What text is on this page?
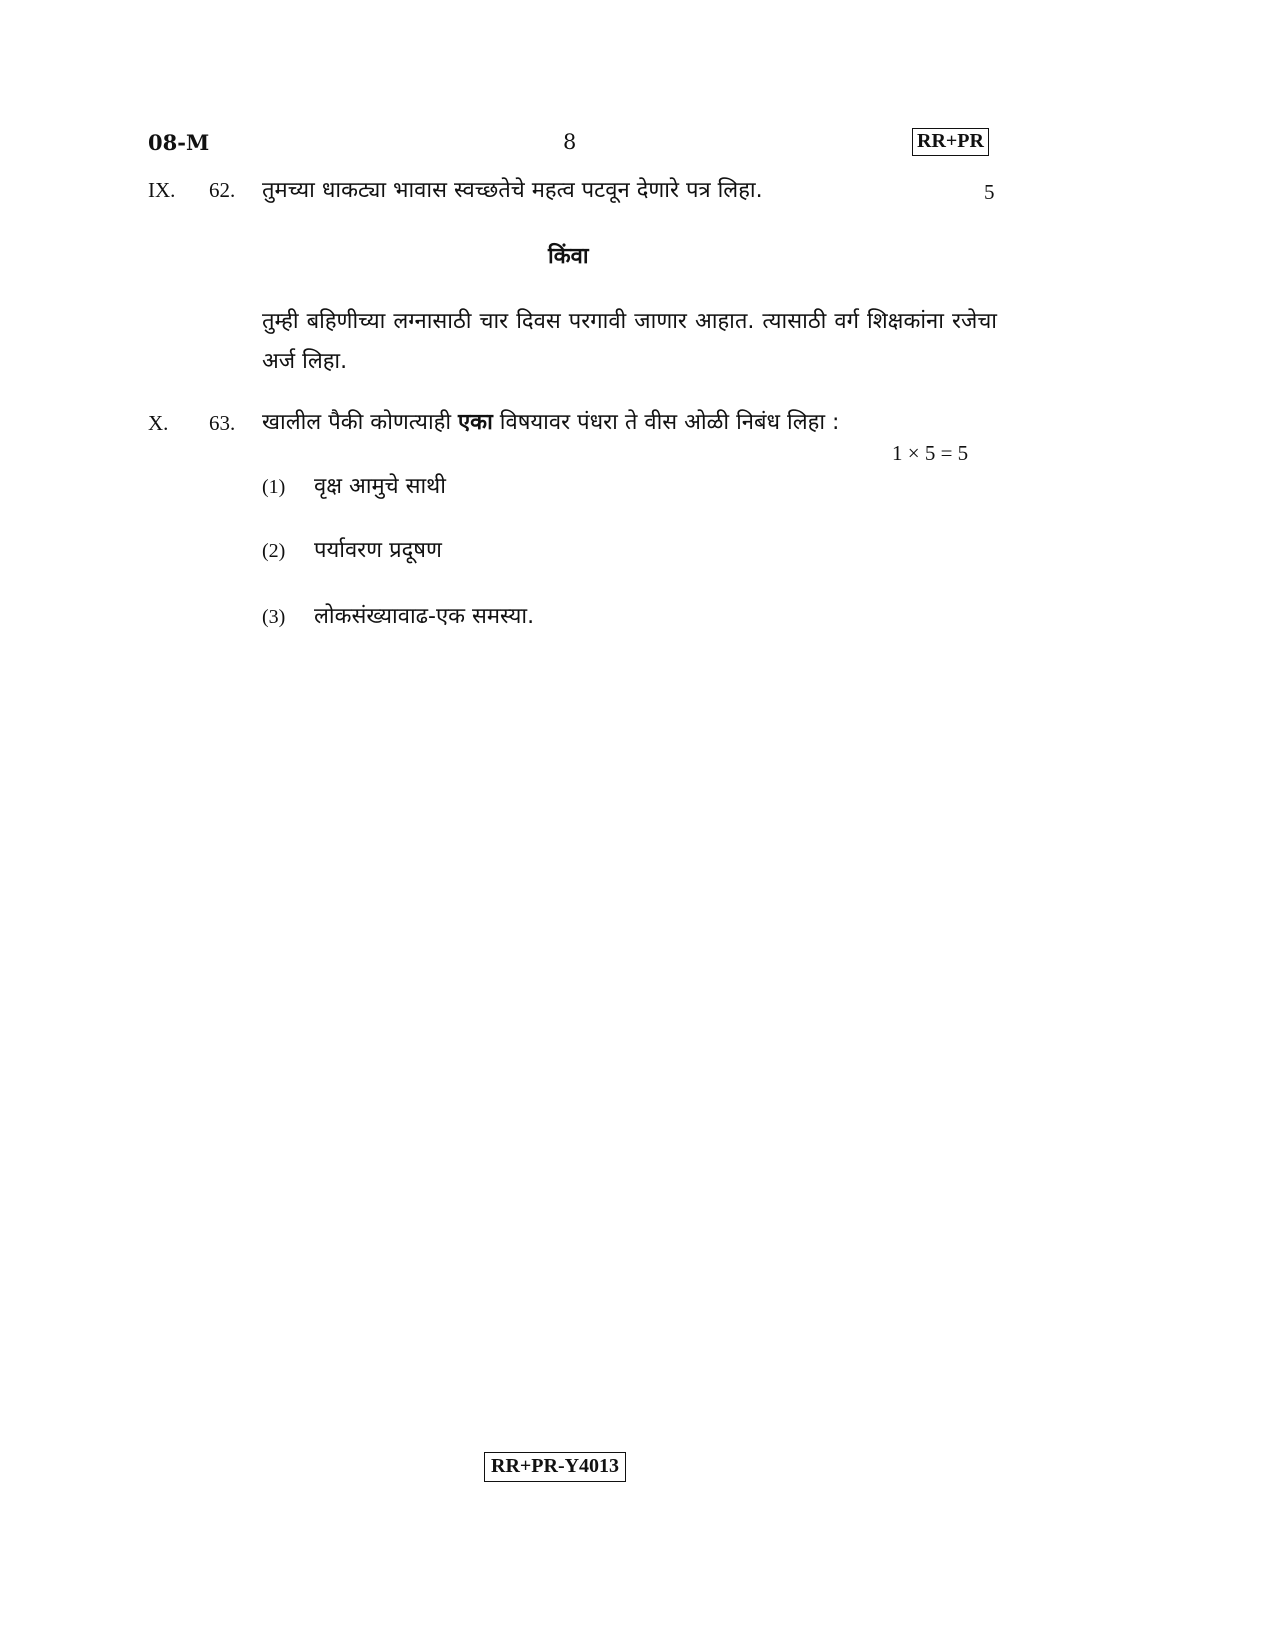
08-M	8	RR+PR
IX. 62. तुमच्या धाकट्या भावास स्वच्छतेचे महत्व पटवून देणारे पत्र लिहा.	5
किंवा
तुम्ही बहिणीच्या लग्नासाठी चार दिवस परगावी जाणार आहात. त्यासाठी वर्ग शिक्षकांना रजेचा अर्ज लिहा.
X. 63. खालील पैकी कोणत्याही एका विषयावर पंधरा ते वीस ओळी निबंध लिहा :
1 × 5 = 5
(1) वृक्ष आमुचे साथी
(2) पर्यावरण प्रदूषण
(3) लोकसंख्यावाढ-एक समस्या.
RR+PR-Y4013
